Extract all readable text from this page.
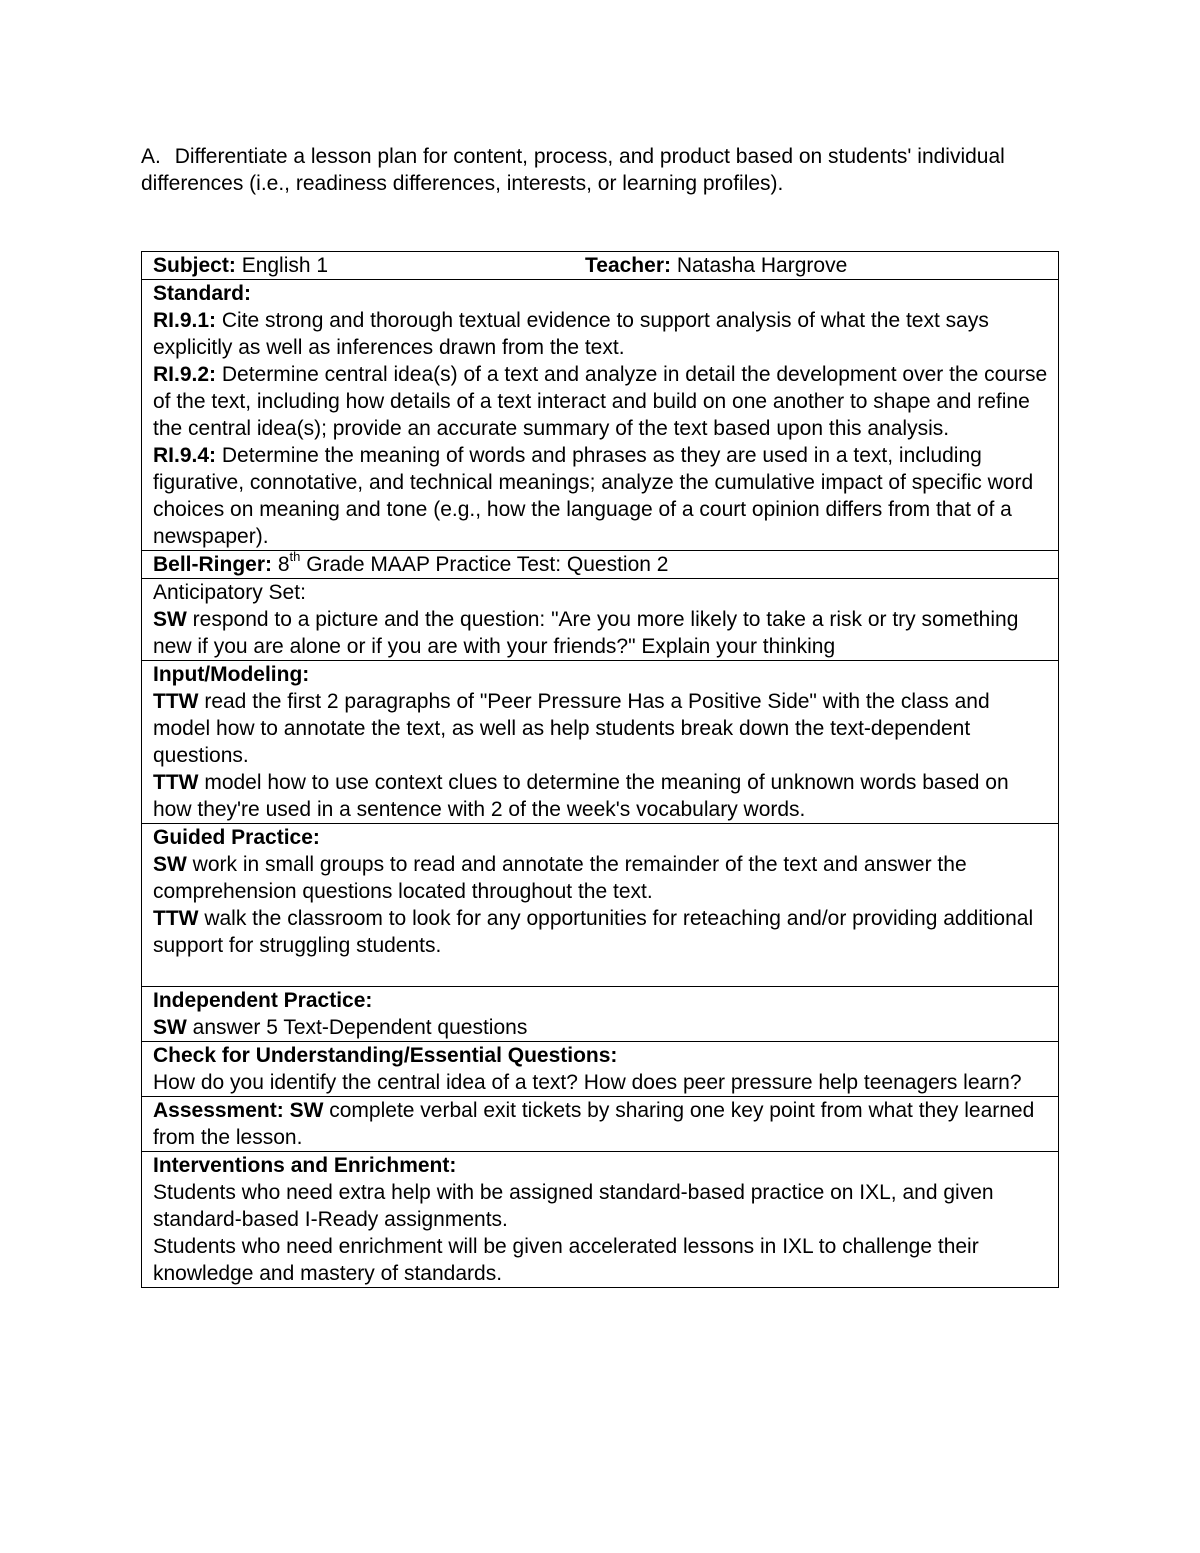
A. Differentiate a lesson plan for content, process, and product based on students' individual differences (i.e., readiness differences, interests, or learning profiles).
Subject: English 1	Teacher: Natasha Hargrove

Standard:
RI.9.1: Cite strong and thorough textual evidence to support analysis of what the text says explicitly as well as inferences drawn from the text.
RI.9.2: Determine central idea(s) of a text and analyze in detail the development over the course of the text, including how details of a text interact and build on one another to shape and refine the central idea(s); provide an accurate summary of the text based upon this analysis.
RI.9.4: Determine the meaning of words and phrases as they are used in a text, including figurative, connotative, and technical meanings; analyze the cumulative impact of specific word choices on meaning and tone (e.g., how the language of a court opinion differs from that of a newspaper).

Bell-Ringer: 8th Grade MAAP Practice Test: Question 2

Anticipatory Set:
SW respond to a picture and the question: "Are you more likely to take a risk or try something new if you are alone or if you are with your friends?" Explain your thinking

Input/Modeling:
TTW read the first 2 paragraphs of "Peer Pressure Has a Positive Side" with the class and model how to annotate the text, as well as help students break down the text-dependent questions.
TTW model how to use context clues to determine the meaning of unknown words based on how they're used in a sentence with 2 of the week's vocabulary words.

Guided Practice:
SW work in small groups to read and annotate the remainder of the text and answer the comprehension questions located throughout the text.
TTW walk the classroom to look for any opportunities for reteaching and/or providing additional support for struggling students.

Independent Practice:
SW answer 5 Text-Dependent questions

Check for Understanding/Essential Questions:
How do you identify the central idea of a text? How does peer pressure help teenagers learn?

Assessment: SW complete verbal exit tickets by sharing one key point from what they learned from the lesson.

Interventions and Enrichment:
Students who need extra help with be assigned standard-based practice on IXL, and given standard-based I-Ready assignments.
Students who need enrichment will be given accelerated lessons in IXL to challenge their knowledge and mastery of standards.
